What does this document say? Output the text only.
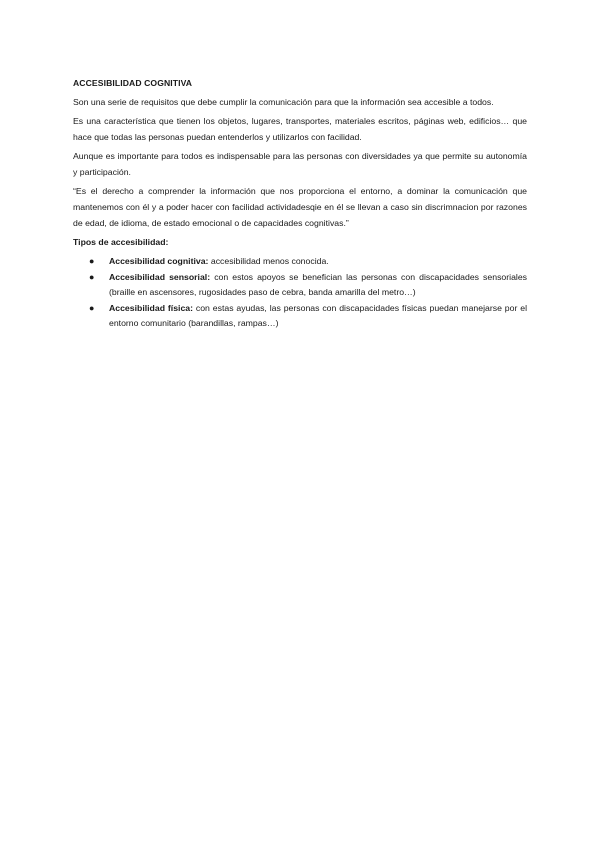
ACCESIBILIDAD COGNITIVA

Son una serie de requisitos que debe cumplir la comunicación para que la información sea accesible a todos.

Es una característica que tienen los objetos, lugares, transportes, materiales escritos, páginas web, edificios… que hace que todas las personas puedan entenderlos y utilizarlos con facilidad.

Aunque es importante para todos es indispensable para las personas con diversidades ya que permite su autonomía y participación.

“Es el derecho a comprender la información que nos proporciona el entorno, a dominar la comunicación que mantenemos con él y a poder hacer con facilidad actividadesqie en él se llevan a caso sin discrimnacion por razones de edad, de idioma, de estado emocional o de capacidades cognitivas.”

Tipos de accesibilidad:
● Accesibilidad cognitiva: accesibilidad menos conocida.
● Accesibilidad sensorial: con estos apoyos se benefician las personas con discapacidades sensoriales (braille en ascensores, rugosidades paso de cebra, banda amarilla del metro…)
● Accesibilidad física: con estas ayudas, las personas con discapacidades físicas puedan manejarse por el entorno comunitario (barandillas, rampas…)
